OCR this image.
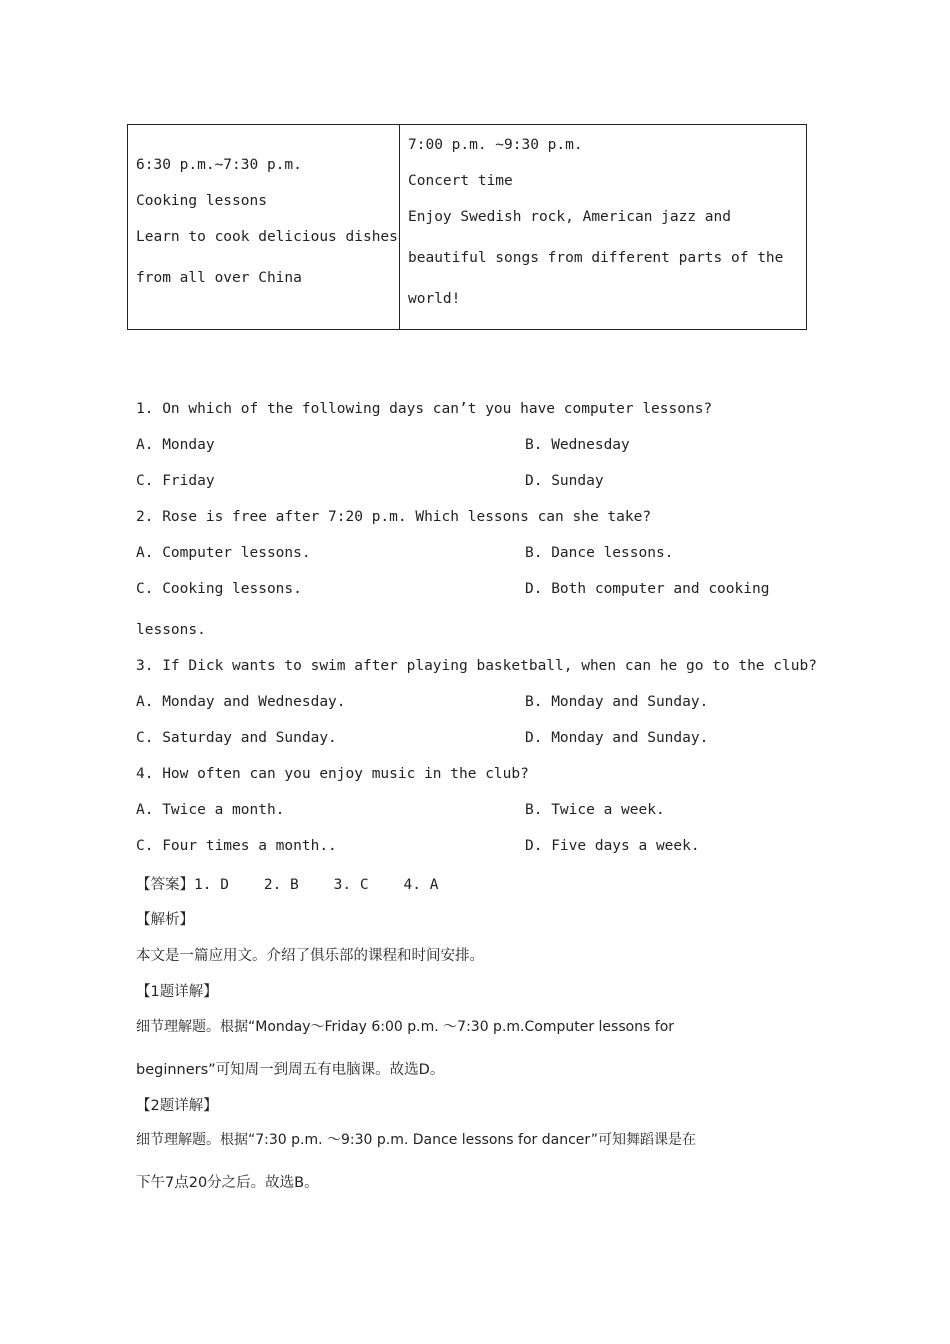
6:30 p.m.~7:30 p.m.
Cooking lessons
Learn to cook delicious dishes
from all over China

7:00 p.m. ~9:30 p.m.
Concert time
Enjoy Swedish rock, American jazz and
beautiful songs from different parts of the
world!
1. On which of the following days can’t you have computer lessons?
A. Monday	B. Wednesday
C. Friday	D. Sunday
2. Rose is free after 7:20 p.m. Which lessons can she take?
A. Computer lessons.	B. Dance lessons.
C. Cooking lessons.	D. Both computer and cooking
lessons.
3. If Dick wants to swim after playing basketball, when can he go to the club?
A. Monday and Wednesday.	B. Monday and Sunday.
C. Saturday and Sunday.	D. Monday and Sunday.
4. How often can you enjoy music in the club?
A. Twice a month.	B. Twice a week.
C. Four times a month..	D. Five days a week.
【答案】1. D    2. B    3. C    4. A
【解析】
本文是一篇应用文。介绍了俱乐部的课程和时间安排。
【1题详解】
细节理解题。根据“Monday～Friday 6:00 p.m. ～7:30 p.m.Computer lessons for
beginners”可知周一到周五有电脑课。故选D。
【2题详解】
细节理解题。根据“7:30 p.m. ～9:30 p.m. Dance lessons for dancer”可知舞蹈课是在
下午7点20分之后。故选B。
